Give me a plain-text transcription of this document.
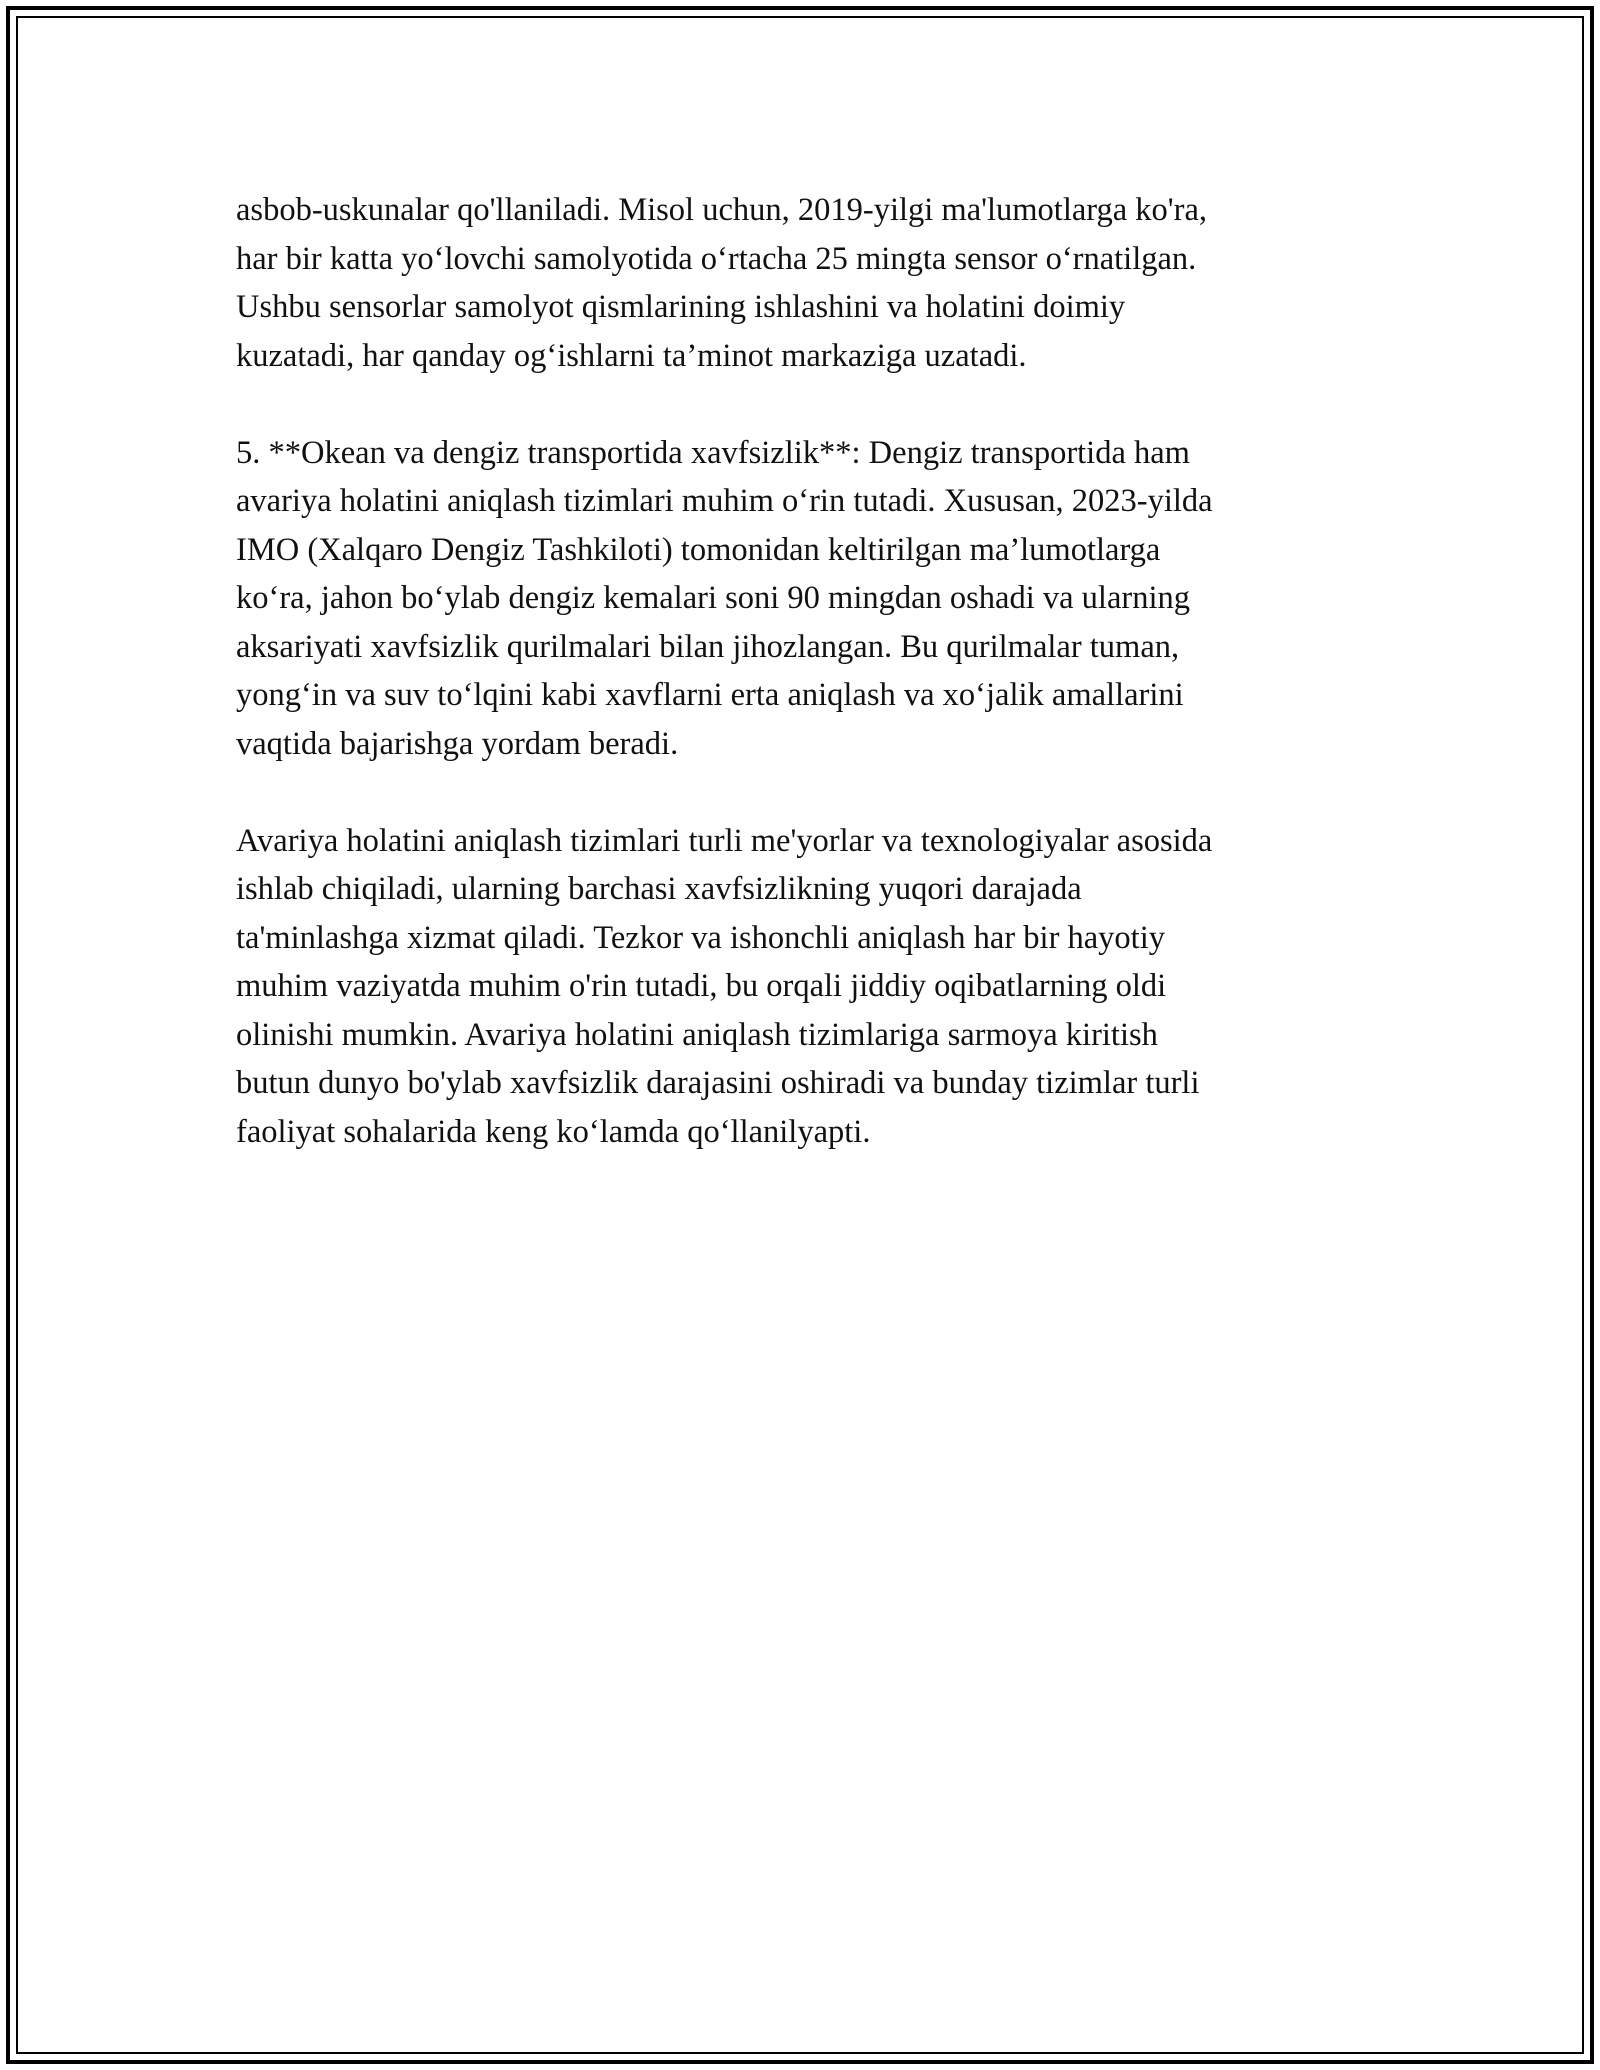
asbob-uskunalar qo'llaniladi. Misol uchun, 2019-yilgi ma'lumotlarga ko'ra,
har bir katta yo‘lovchi samolyotida o‘rtacha 25 mingta sensor o‘rnatilgan.
Ushbu sensorlar samolyot qismlarining ishlashini va holatini doimiy
kuzatadi, har qanday og‘ishlarni ta’minot markaziga uzatadi.

5. **Okean va dengiz transportida xavfsizlik**: Dengiz transportida ham
avariya holatini aniqlash tizimlari muhim o‘rin tutadi. Xususan, 2023-yilda
IMO (Xalqaro Dengiz Tashkiloti) tomonidan keltirilgan ma’lumotlarga
ko‘ra, jahon bo‘ylab dengiz kemalari soni 90 mingdan oshadi va ularning
aksariyati xavfsizlik qurilmalari bilan jihozlangan. Bu qurilmalar tuman,
yong‘in va suv to‘lqini kabi xavflarni erta aniqlash va xo‘jalik amallarini
vaqtida bajarishga yordam beradi.

Avariya holatini aniqlash tizimlari turli me'yorlar va texnologiyalar asosida
ishlab chiqiladi, ularning barchasi xavfsizlikning yuqori darajada
ta'minlashga xizmat qiladi. Tezkor va ishonchli aniqlash har bir hayotiy
muhim vaziyatda muhim o'rin tutadi, bu orqali jiddiy oqibatlarning oldi
olinishi mumkin. Avariya holatini aniqlash tizimlariga sarmoya kiritish
butun dunyo bo'ylab xavfsizlik darajasini oshiradi va bunday tizimlar turli
faoliyat sohalarida keng ko‘lamda qo‘llanilyapti.
